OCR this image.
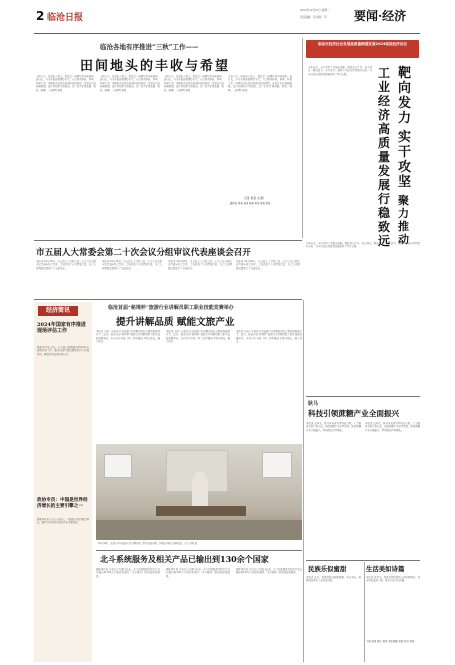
2 临沧日报
2024年10月21日 星期一
责任编辑：李 排版：李 要闻·经济
临沧各地有序推进“三秋”工作——
田间地头的丰收与希望
金秋十月，在临沧大地上，到处是一派繁忙的丰收景象。连日来，全市各地抢抓晴好天气，有序推进秋收、秋种、秋管工作，田间地头处处洋溢着丰收的喜悦。在双江自治县勐勐镇，成片的稻田金黄饱满，农户们正忙着收割、脱粒、晾晒，一派繁忙景象。
金秋十月，在临沧大地上，到处是一派繁忙的丰收景象。连日来，全市各地抢抓晴好天气，有序推进秋收、秋种、秋管工作，田间地头处处洋溢着丰收的喜悦。在双江自治县勐勐镇，成片的稻田金黄饱满，农户们正忙着收割、脱粒、晾晒，一派繁忙景象。
金秋十月，在临沧大地上，到处是一派繁忙的丰收景象。连日来，全市各地抢抓晴好天气，有序推进秋收、秋种、秋管工作，田间地头处处洋溢着丰收的喜悦。在双江自治县勐勐镇，成片的稻田金黄饱满，农户们正忙着收割、脱粒、晾晒，一派繁忙景象。
金秋十月，在临沧大地上，到处是一派繁忙的丰收景象。连日来，全市各地抢抓晴好天气，有序推进秋收、秋种、秋管工作，田间地头处处洋溢着丰收的喜悦。在双江自治县勐勐镇，成片的稻田金黄饱满，农户们正忙着收割、脱粒、晾晒，一派繁忙景象。
记者 某某 文/图
通讯员 某某 某某 某某 某某 某某 某某
临沧市经济社会发展高质量跨越发展2024临沧经济论坛
靶向发力
实干攻坚
聚力推动
工业经济高质量发展行稳致远
今年以来，全市坚持工业强市战略，聚焦重点产业、重点项目，靶向发力、实干攻坚，推动工业经济持续回升向好，为全市经济高质量发展提供了坚实支撑。
市五届人大常委会第二十次会议分组审议代表座谈会召开
本报讯 10月18日，市五届人大常委会第二十次会议分组审议代表座谈会召开。会议听取了有关情况汇报，与会人员围绕议题进行了交流讨论。
本报讯 10月18日，市五届人大常委会第二十次会议分组审议代表座谈会召开。会议听取了有关情况汇报，与会人员围绕议题进行了交流讨论。
本报讯 10月18日，市五届人大常委会第二十次会议分组审议代表座谈会召开。会议听取了有关情况汇报，与会人员围绕议题进行了交流讨论。
本报讯 10月18日，市五届人大常委会第二十次会议分组审议代表座谈会召开。会议听取了有关情况汇报，与会人员围绕议题进行了交流讨论。
今年以来，全市坚持工业强市战略，聚焦重点产业、重点项目，靶向发力、实干攻坚，推动工业经济持续回升向好，为全市经济高质量发展提供了坚实支撑。
经济简讯
2024年国家有序推进现场评估工作
据新华社电 近日，有关部门部署推进2024年度现场评估工作，要求各地严格按照规定程序开展评估，确保评估结果客观公正。
政协专员：中国是世界经济增长的主要引擎之一
据新华社电 有关专家表示，中国经济保持稳定增长，继续为世界经济增长作出重要贡献。
临沧首届“秘境杯”旅游行业讲解员职工职业技能竞赛举办
提升讲解品质 赋能文旅产业
本报讯 为进一步提升全市旅游行业讲解员的综合素质和服务水平，近日，临沧首届“秘境杯”旅游行业讲解员职工职业技能竞赛举办。来自全市各县（区）的参赛选手同台竞技，展示风采。
本报讯 为进一步提升全市旅游行业讲解员的综合素质和服务水平，近日，临沧首届“秘境杯”旅游行业讲解员职工职业技能竞赛举办。来自全市各县（区）的参赛选手同台竞技，展示风采。
本报讯 为进一步提升全市旅游行业讲解员的综合素质和服务水平，近日，临沧首届“秘境杯”旅游行业讲解员职工职业技能竞赛举办。来自全市各县（区）的参赛选手同台竞技，展示风采。
10月18日，临沧市举办旅游行业讲解员职工职业技能竞赛，参赛选手展示讲解技能。记者 某某 摄
北斗系统服务及相关产品已输出到130余个国家
据新华社电 记者从有关部门获悉，北斗系统服务及相关产品已输出到130余个国家和地区，为全球用户提供高质量服务。
据新华社电 记者从有关部门获悉，北斗系统服务及相关产品已输出到130余个国家和地区，为全球用户提供高质量服务。
据新华社电 记者从有关部门获悉，北斗系统服务及相关产品已输出到130余个国家和地区，为全球用户提供高质量服务。
耿马
科技引领蔗糖产业全面振兴
本报讯 近年来，耿马自治县坚持科技引领，大力推进甘蔗良种良法，加快蔗糖产业转型升级，推动蔗糖产业全面振兴，带动群众持续增收。
本报讯 近年来，耿马自治县坚持科技引领，大力推进甘蔗良种良法，加快蔗糖产业转型升级，推动蔗糖产业全面振兴，带动群众持续增收。
民族乐似蜜甜
本报讯 近日，某某村群众载歌载舞，共庆丰收，民族团结进步之花处处绽放。
生活美如诗篇
本报讯 近年来，某某乡持续推进人居环境整治，村容村貌焕然一新，群众生活美如诗篇。
主编 某某 编审 某某 本版编辑 某某 校对 某某
